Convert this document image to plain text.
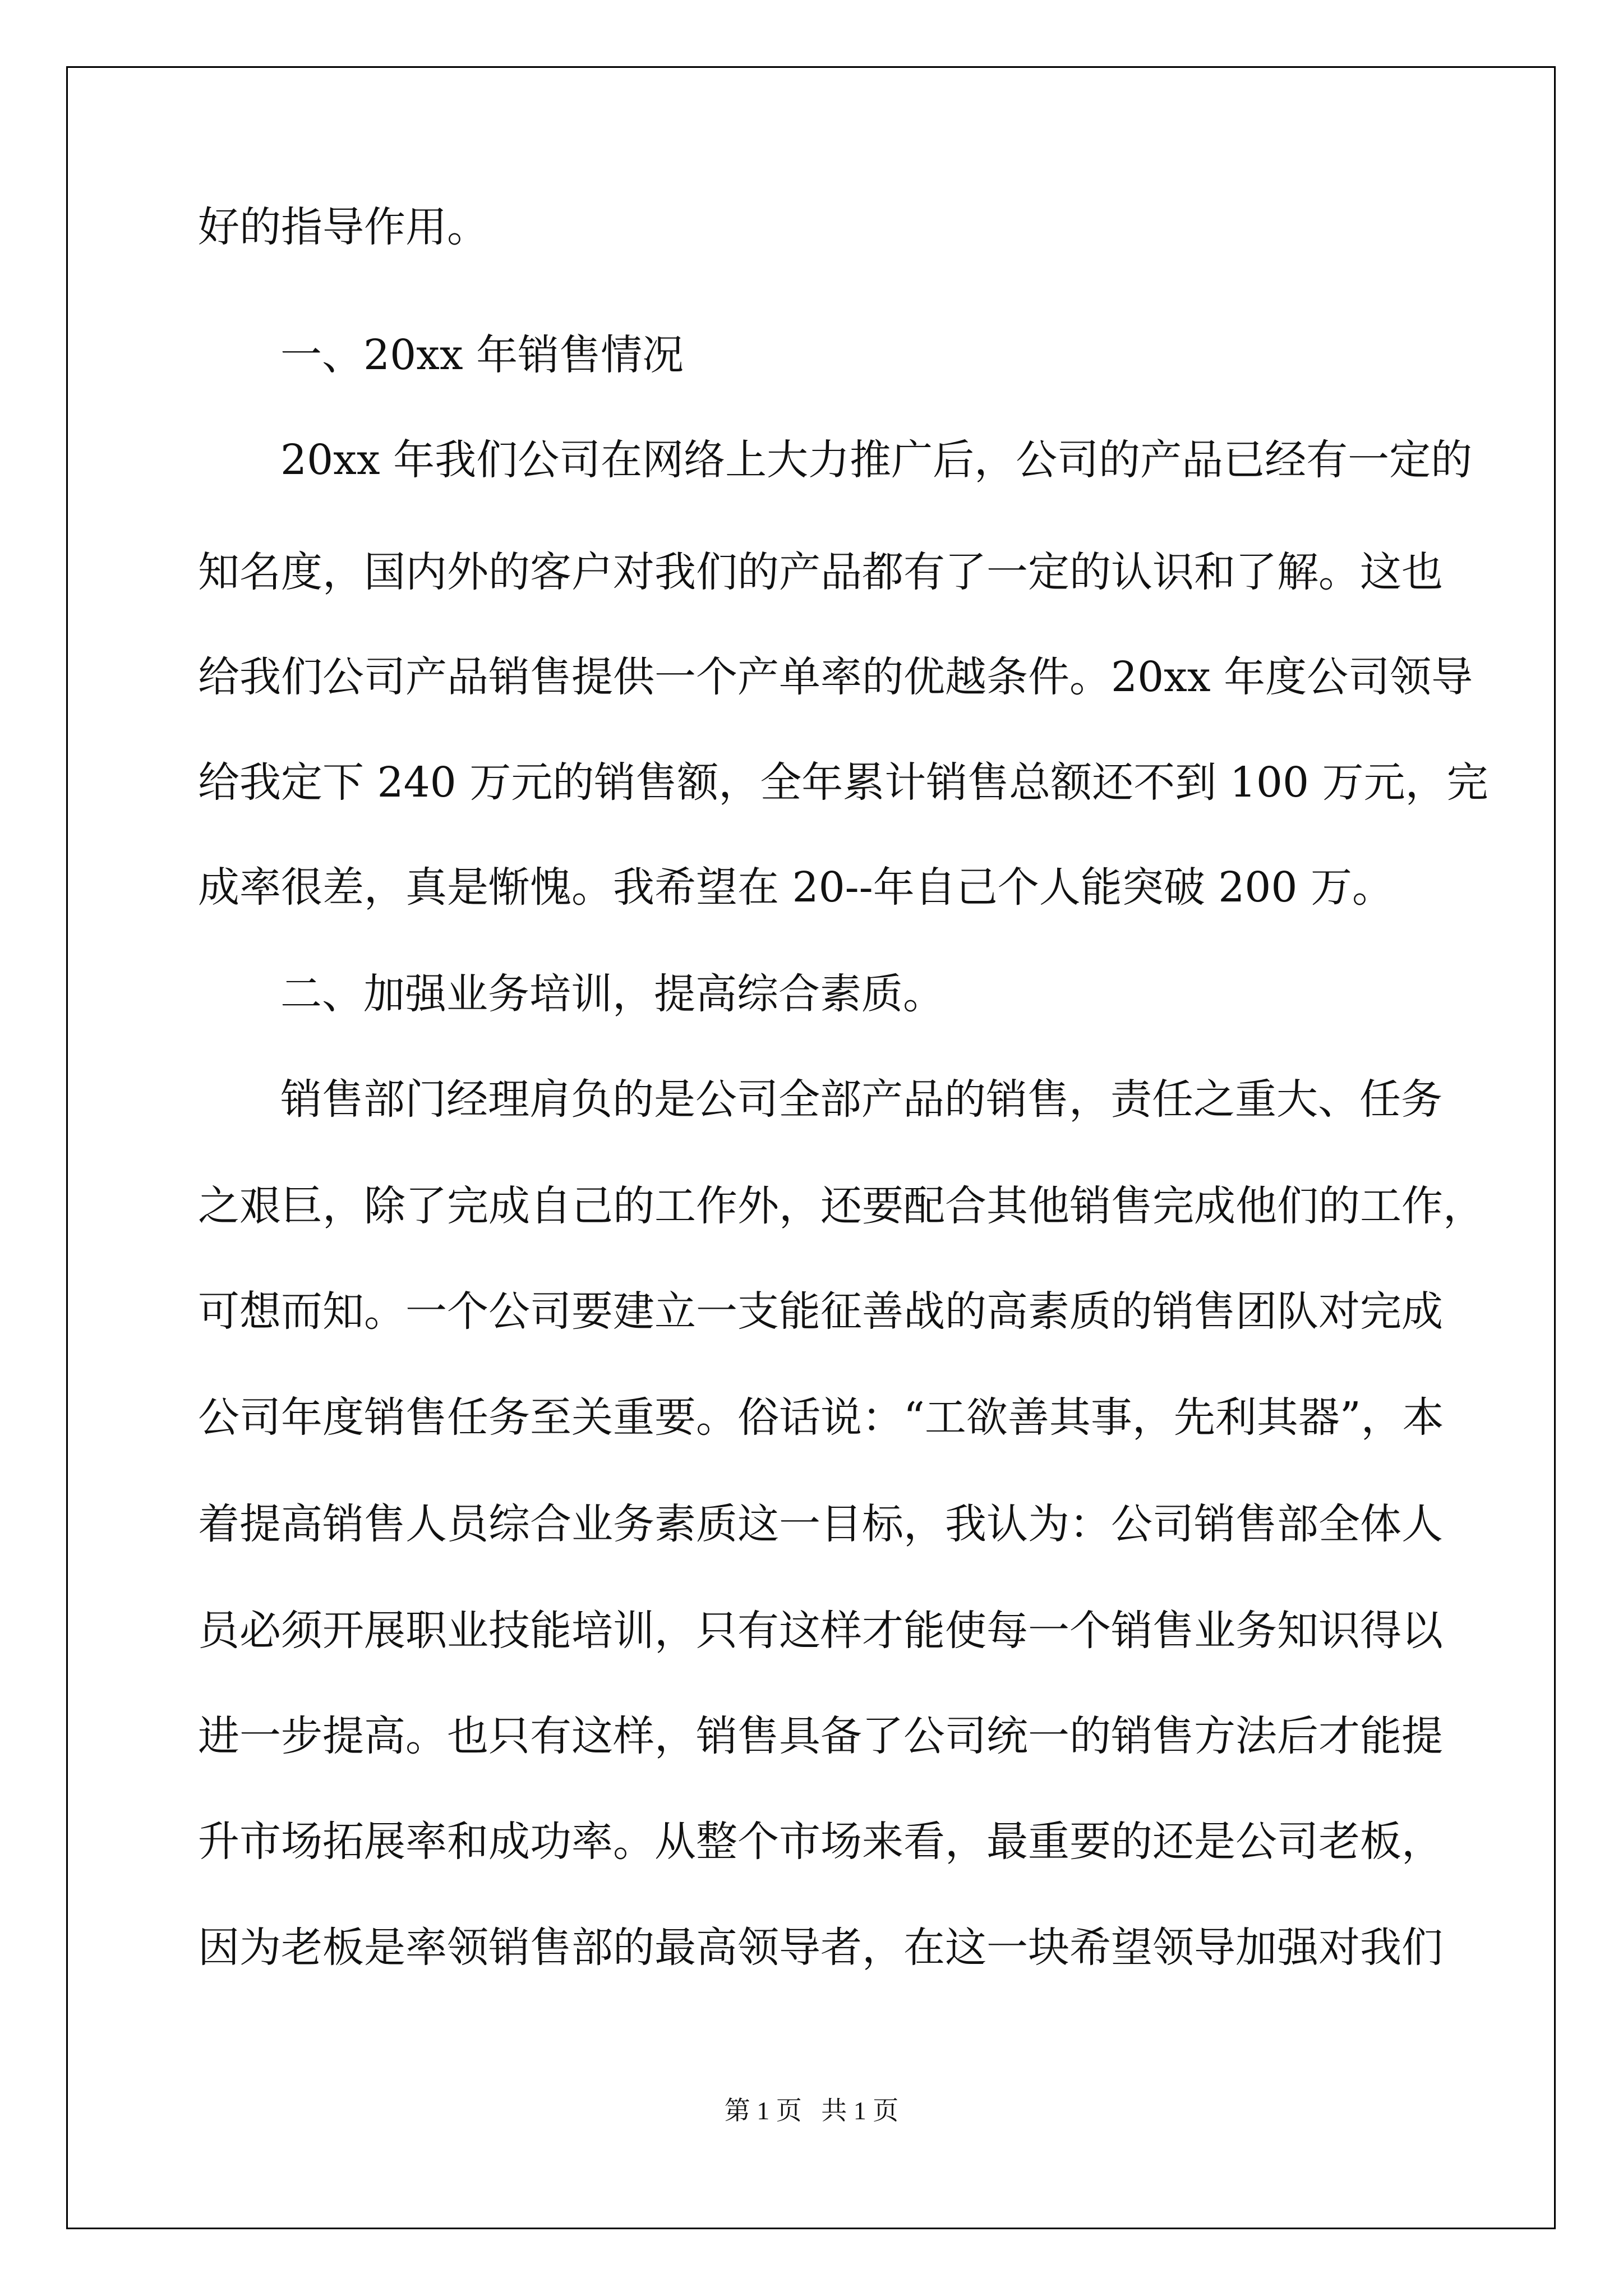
好的指导作用。

一、20xx 年销售情况

20xx 年我们公司在网络上大力推广后，公司的产品已经有一定的

知名度，国内外的客户对我们的产品都有了一定的认识和了解。这也

给我们公司产品销售提供一个产单率的优越条件。20xx 年度公司领导

给我定下 240 万元的销售额，全年累计销售总额还不到 100 万元，完

成率很差，真是惭愧。我希望在 20--年自己个人能突破 200 万。

二、加强业务培训，提高综合素质。

销售部门经理肩负的是公司全部产品的销售，责任之重大、任务

之艰巨，除了完成自己的工作外，还要配合其他销售完成他们的工作，

可想而知。一个公司要建立一支能征善战的高素质的销售团队对完成

公司年度销售任务至关重要。俗话说：“工欲善其事，先利其器”，本

着提高销售人员综合业务素质这一目标，我认为：公司销售部全体人

员必须开展职业技能培训，只有这样才能使每一个销售业务知识得以

进一步提高。也只有这样，销售具备了公司统一的销售方法后才能提

升市场拓展率和成功率。从整个市场来看，最重要的还是公司老板，

因为老板是率领销售部的最高领导者，在这一块希望领导加强对我们

第 1 页   共 1 页
